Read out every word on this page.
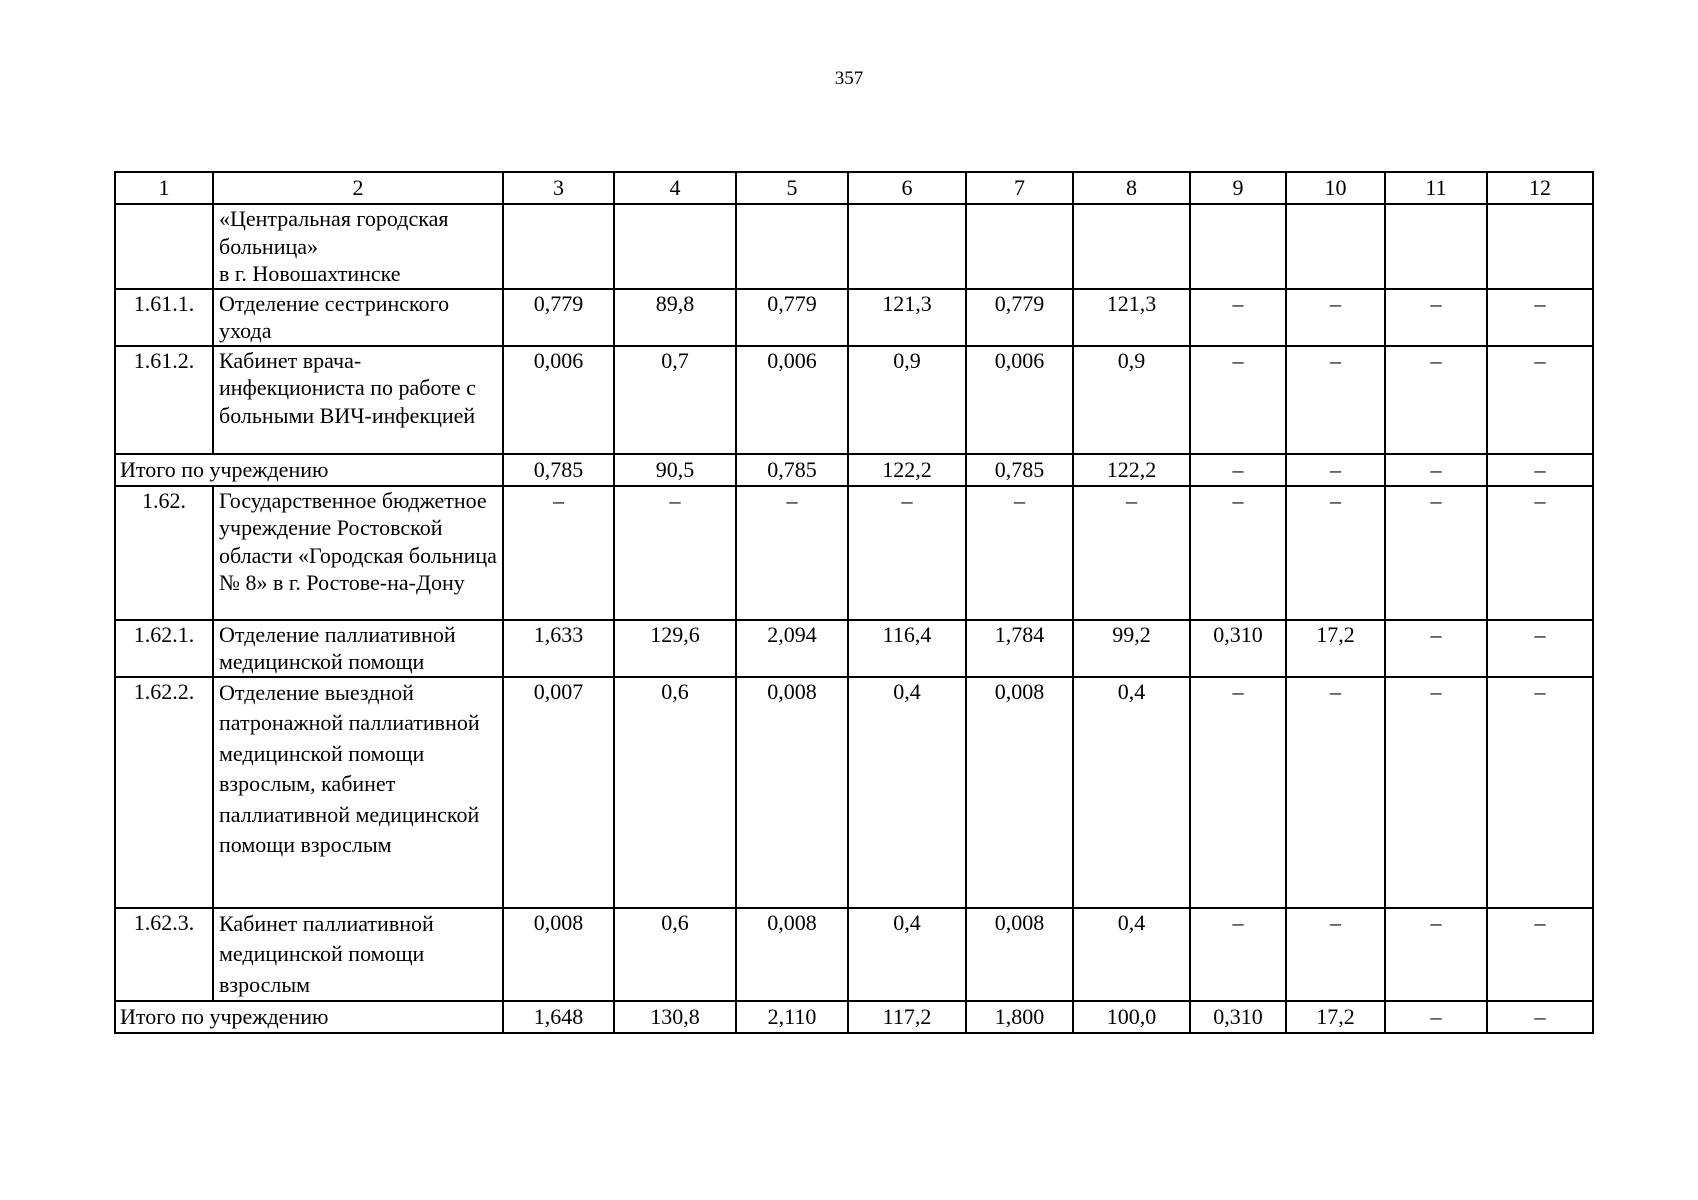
357
1	2	3	4	5	6	7	8	9	10	11	12
	«Центральная городская больница»
в г. Новошахтинске										
1.61.1.	Отделение сестринского ухода	0,779	89,8	0,779	121,3	0,779	121,3	–	–	–	–
1.61.2.	Кабинет врача-инфекциониста по работе с больными ВИЧ-инфекцией	0,006	0,7	0,006	0,9	0,006	0,9	–	–	–	–
Итого по учреждению		0,785	90,5	0,785	122,2	0,785	122,2	–	–	–	–
1.62.	Государственное бюджетное учреждение Ростовской области «Городская больница
№ 8» в г. Ростове-на-Дону	–	–	–	–	–	–	–	–	–	–
1.62.1.	Отделение паллиативной медицинской помощи	1,633	129,6	2,094	116,4	1,784	99,2	0,310	17,2	–	–
1.62.2.	Отделение выездной патронажной паллиативной медицинской помощи взрослым, кабинет паллиативной медицинской помощи взрослым	0,007	0,6	0,008	0,4	0,008	0,4	–	–	–	–
1.62.3.	Кабинет паллиативной медицинской помощи взрослым	0,008	0,6	0,008	0,4	0,008	0,4	–	–	–	–
Итого по учреждению		1,648	130,8	2,110	117,2	1,800	100,0	0,310	17,2	–	–
